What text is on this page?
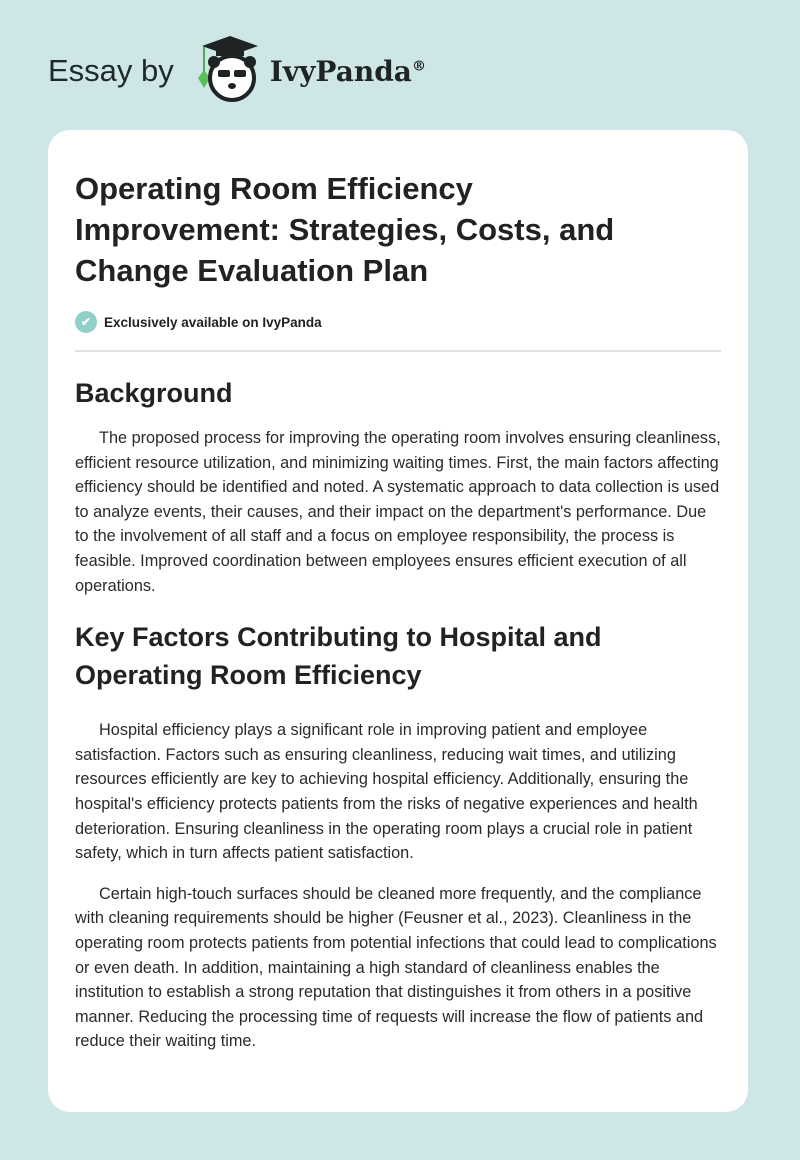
Essay by	IvyPanda®
Operating Room Efficiency Improvement: Strategies, Costs, and Change Evaluation Plan
✔ Exclusively available on IvyPanda
Background

The proposed process for improving the operating room involves ensuring cleanliness, efficient resource utilization, and minimizing waiting times. First, the main factors affecting efficiency should be identified and noted. A systematic approach to data collection is used to analyze events, their causes, and their impact on the department's performance. Due to the involvement of all staff and a focus on employee responsibility, the process is feasible. Improved coordination between employees ensures efficient execution of all operations.

Key Factors Contributing to Hospital and Operating Room Efficiency

Hospital efficiency plays a significant role in improving patient and employee satisfaction. Factors such as ensuring cleanliness, reducing wait times, and utilizing resources efficiently are key to achieving hospital efficiency. Additionally, ensuring the hospital's efficiency protects patients from the risks of negative experiences and health deterioration. Ensuring cleanliness in the operating room plays a crucial role in patient safety, which in turn affects patient satisfaction.

Certain high-touch surfaces should be cleaned more frequently, and the compliance with cleaning requirements should be higher (Feusner et al., 2023). Cleanliness in the operating room protects patients from potential infections that could lead to complications or even death. In addition, maintaining a high standard of cleanliness enables the institution to establish a strong reputation that distinguishes it from others in a positive manner. Reducing the processing time of requests will increase the flow of patients and reduce their waiting time.
